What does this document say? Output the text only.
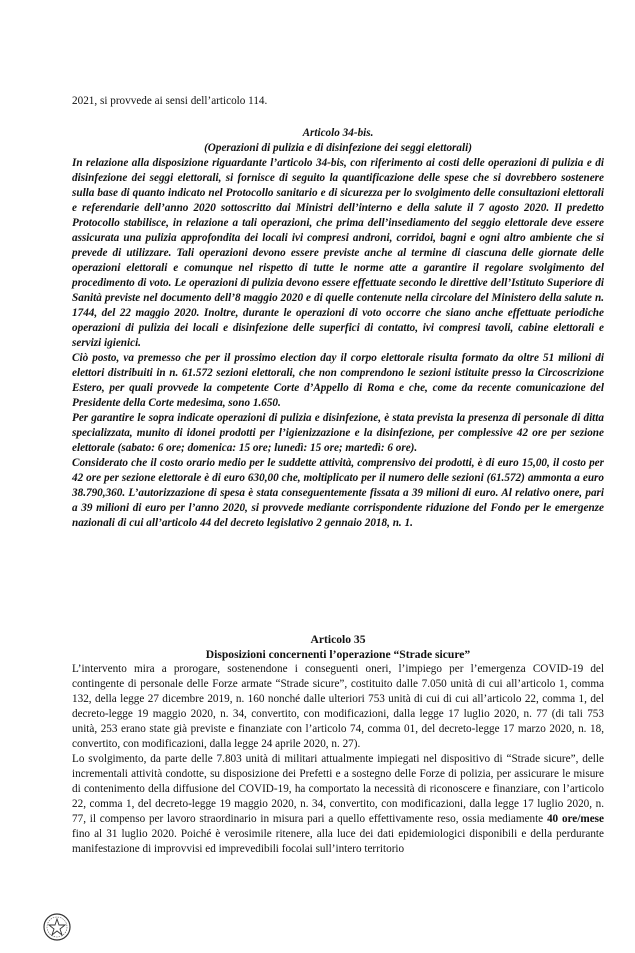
2021, si provvede ai sensi dell’articolo 114.

Articolo 34-bis.

(Operazioni di pulizia e di disinfezione dei seggi elettorali)

In relazione alla disposizione riguardante l’articolo 34-bis, con riferimento ai costi delle operazioni di pulizia e di disinfezione dei seggi elettorali, si fornisce di seguito la quantificazione delle spese che si dovrebbero sostenere sulla base di quanto indicato nel Protocollo sanitario e di sicurezza per lo svolgimento delle consultazioni elettorali e referendarie dell’anno 2020 sottoscritto dai Ministri dell’interno e della salute il 7 agosto 2020. Il predetto Protocollo stabilisce, in relazione a tali operazioni, che prima dell’insediamento del seggio elettorale deve essere assicurata una pulizia approfondita dei locali ivi compresi androni, corridoi, bagni e ogni altro ambiente che si prevede di utilizzare. Tali operazioni devono essere previste anche al termine di ciascuna delle giornate delle operazioni elettorali e comunque nel rispetto di tutte le norme atte a garantire il regolare svolgimento del procedimento di voto. Le operazioni di pulizia devono essere effettuate secondo le direttive dell’Istituto Superiore di Sanità previste nel documento dell’8 maggio 2020 e di quelle contenute nella circolare del Ministero della salute n. 1744, del 22 maggio 2020. Inoltre, durante le operazioni di voto occorre che siano anche effettuate periodiche operazioni di pulizia dei locali e disinfezione delle superfici di contatto, ivi compresi tavoli, cabine elettorali e servizi igienici.

Ciò posto, va premesso che per il prossimo election day il corpo elettorale risulta formato da oltre 51 milioni di elettori distribuiti in n. 61.572 sezioni elettorali, che non comprendono le sezioni istituite presso la Circoscrizione Estero, per quali provvede la competente Corte d’Appello di Roma e che, come da recente comunicazione del Presidente della Corte medesima, sono 1.650.

Per garantire le sopra indicate operazioni di pulizia e disinfezione, è stata prevista la presenza di personale di ditta specializzata, munito di idonei prodotti per l’igienizzazione e la disinfezione, per complessive 42 ore per sezione elettorale (sabato: 6 ore; domenica: 15 ore; lunedì: 15 ore; martedì: 6 ore).

Considerato che il costo orario medio per le suddette attività, comprensivo dei prodotti, è di euro 15,00, il costo per 42 ore per sezione elettorale è di euro 630,00 che, moltiplicato per il numero delle sezioni (61.572) ammonta a euro 38.790,360. L’autorizzazione di spesa è stata conseguentemente fissata a 39 milioni di euro. Al relativo onere, pari a 39 milioni di euro per l’anno 2020, si provvede mediante corrispondente riduzione del Fondo per le emergenze nazionali di cui all’articolo 44 del decreto legislativo 2 gennaio 2018, n. 1.

Articolo 35

Disposizioni concernenti l’operazione “Strade sicure”

L’intervento mira a prorogare, sostenendone i conseguenti oneri, l’impiego per l’emergenza COVID-19 del contingente di personale delle Forze armate “Strade sicure”, costituito dalle 7.050 unità di cui all’articolo 1, comma 132, della legge 27 dicembre 2019, n. 160 nonché dalle ulteriori 753 unità di cui di cui all’articolo 22, comma 1, del decreto-legge 19 maggio 2020, n. 34, convertito, con modificazioni, dalla legge 17 luglio 2020, n. 77 (di tali 753 unità, 253 erano state già previste e finanziate con l’articolo 74, comma 01, del decreto-legge 17 marzo 2020, n. 18, convertito, con modificazioni, dalla legge 24 aprile 2020, n. 27).

Lo svolgimento, da parte delle 7.803 unità di militari attualmente impiegati nel dispositivo di “Strade sicure”, delle incrementali attività condotte, su disposizione dei Prefetti e a sostegno delle Forze di polizia, per assicurare le misure di contenimento della diffusione del COVID-19, ha comportato la necessità di riconoscere e finanziare, con l’articolo 22, comma 1, del decreto-legge 19 maggio 2020, n. 34, convertito, con modificazioni, dalla legge 17 luglio 2020, n. 77, il compenso per lavoro straordinario in misura pari a quello effettivamente reso, ossia mediamente 40 ore/mese fino al 31 luglio 2020. Poiché è verosimile ritenere, alla luce dei dati epidemiologici disponibili e della perdurante manifestazione di improvvisi ed imprevedibili focolai sull’intero territorio
